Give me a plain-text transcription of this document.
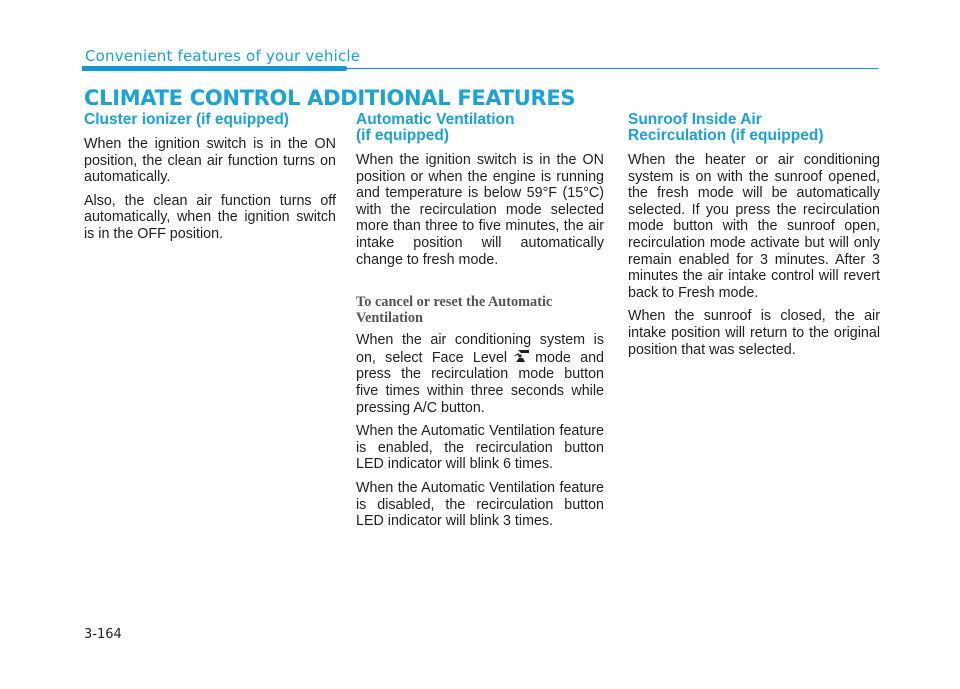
Convenient features of your vehicle
CLIMATE CONTROL ADDITIONAL FEATURES
Cluster ionizer (if equipped)

When the ignition switch is in the ON position, the clean air function turns on automatically.

Also, the clean air function turns off automatically, when the ignition switch is in the OFF position.

Automatic Ventilation
(if equipped)

When the ignition switch is in the ON position or when the engine is running and temperature is below 59°F (15°C) with the recirculation mode selected more than three to five minutes, the air intake position will automatically change to fresh mode.

To cancel or reset the Automatic Ventilation

When the air conditioning system is on, select Face Level mode and press the recirculation mode button five times within three seconds while pressing A/C button.

When the Automatic Ventilation feature is enabled, the recirculation button LED indicator will blink 6 times.

When the Automatic Ventilation feature is disabled, the recirculation button LED indicator will blink 3 times.

Sunroof Inside Air
Recirculation (if equipped)

When the heater or air conditioning system is on with the sunroof opened, the fresh mode will be automatically selected. If you press the recirculation mode button with the sunroof open, recirculation mode activate but will only remain enabled for 3 minutes. After 3 minutes the air intake control will revert back to Fresh mode.

When the sunroof is closed, the air intake position will return to the original position that was selected.

3-164
